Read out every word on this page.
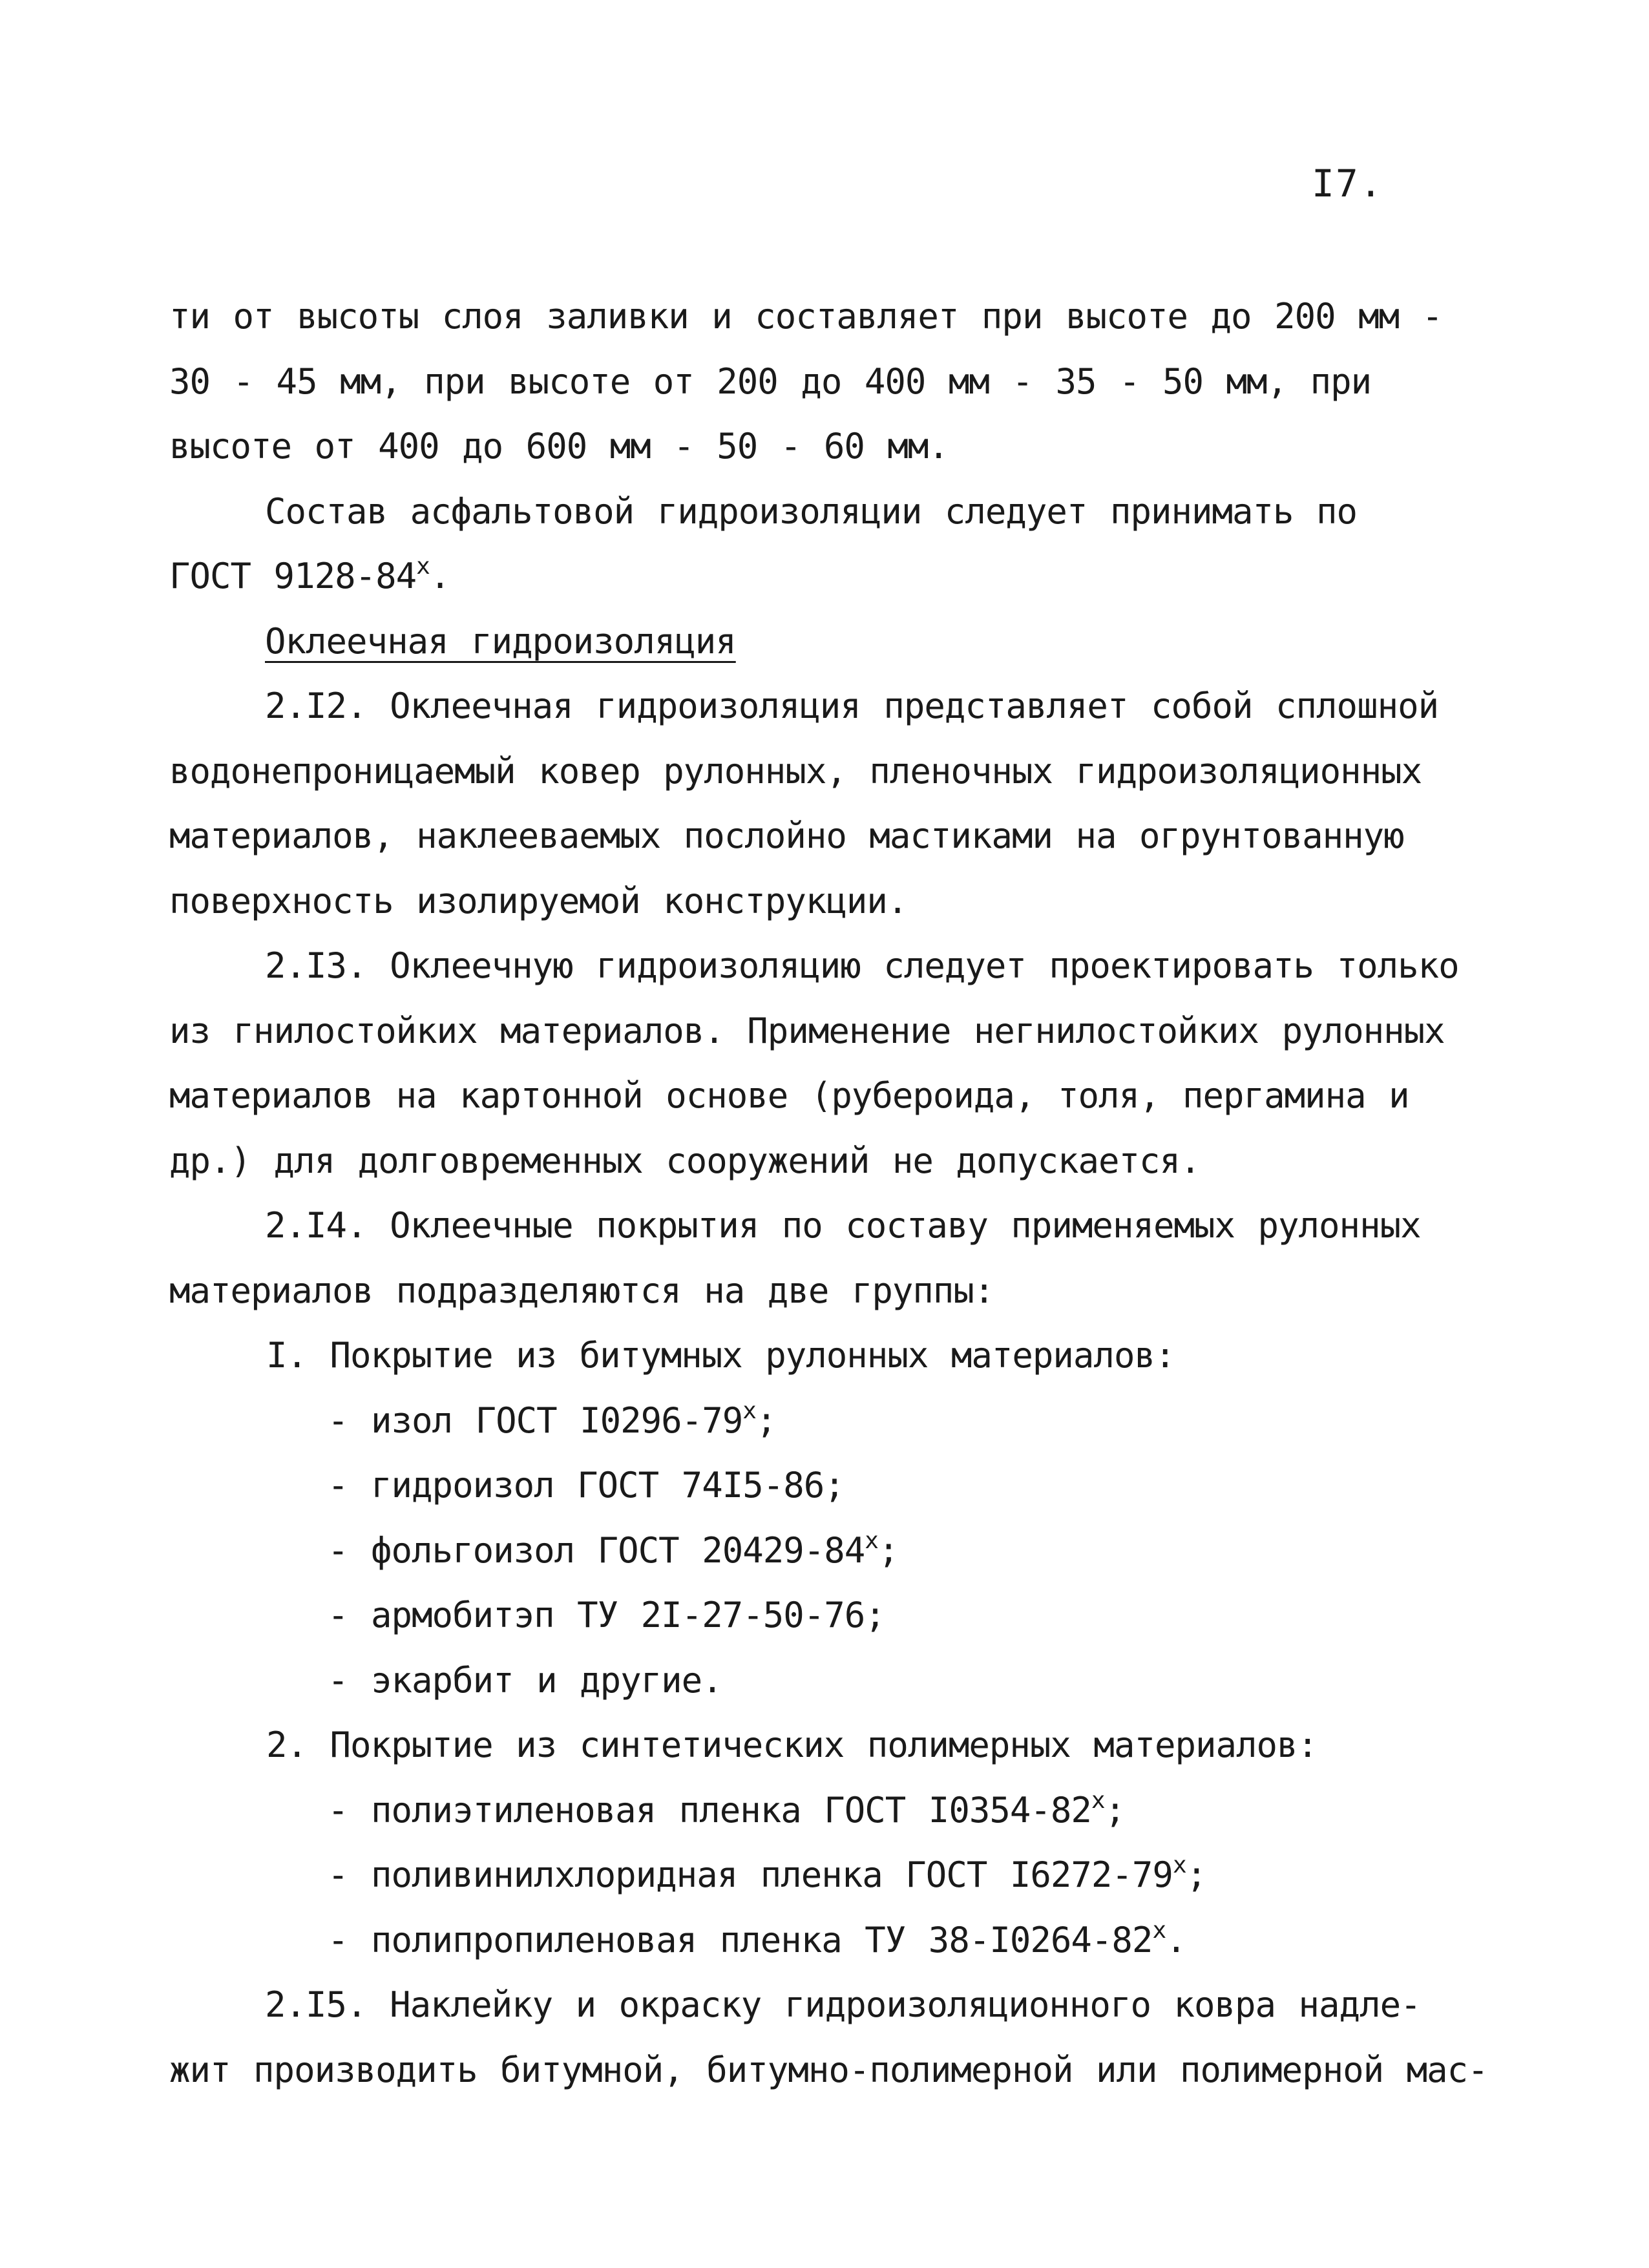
I7.
ти от высоты слоя заливки и составляет при высоте до 200 мм -
30 - 45 мм, при высоте от 200 до 400 мм - 35 - 50 мм, при
высоте от 400 до 600 мм - 50 - 60 мм.
Состав асфальтовой гидроизоляции следует принимать по
ГОСТ $9128-84^х$.
Оклеечная гидроизоляция
2.I2. Оклеечная гидроизоляция представляет собой сплошной
водонепроницаемый ковер рулонных, пленочных гидроизоляционных
материалов, наклееваемых послойно мастиками на огрунтованную
поверхность изолируемой конструкции.
2.I3. Оклеечную гидроизоляцию следует проектировать только
из гнилостойких материалов. Применение негнилостойких рулонных
материалов на картонной основе (рубероида, толя, пергамина и
др.) для долговременных сооружений не допускается.
2.I4. Оклеечные покрытия по составу применяемых рулонных
материалов подразделяются на две группы:
I. Покрытие из битумных рулонных материалов:
- изол ГОСТ $I0296-79^х$;
- гидроизол ГОСТ 74I5-86;
- фольгоизол ГОСТ $20429-84^х$;
- армобитэп ТУ 2I-27-50-76;
- экарбит и другие.
2. Покрытие из синтетических полимерных материалов:
- полиэтиленовая пленка ГОСТ $I0354-82^х$;
- поливинилхлоридная пленка ГОСТ $I6272-79^х$;
- полипропиленовая пленка ТУ $38-I0264-82^х$.
2.I5. Наклейку и окраску гидроизоляционного ковра надле-
жит производить битумной, битумно-полимерной или полимерной мас-
